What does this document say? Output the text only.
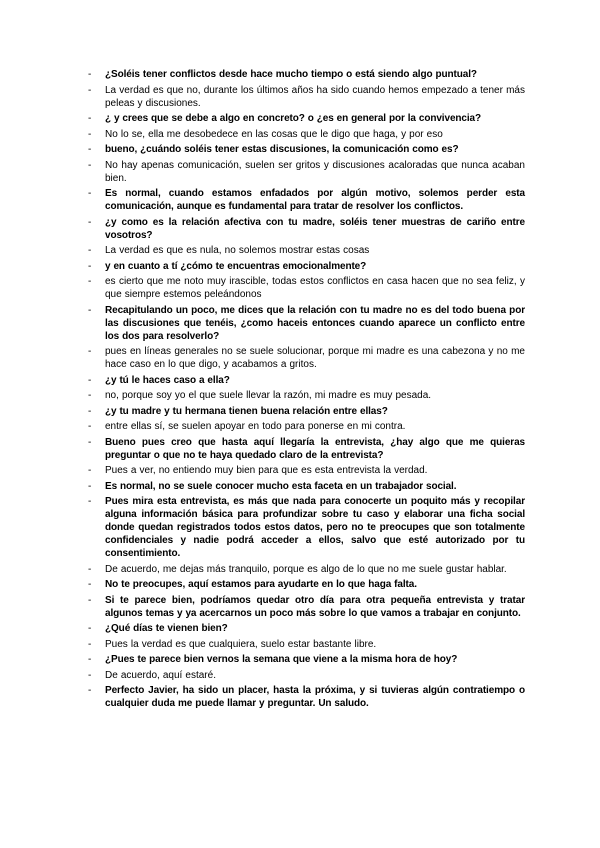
-	¿Soléis tener conflictos desde hace mucho tiempo o está siendo algo puntual?
-	La verdad es que no, durante los últimos años ha sido cuando hemos empezado a tener más peleas y discusiones.
-	¿ y crees que se debe a algo en concreto? o ¿es en general por la convivencia?
-	No lo se, ella me desobedece en las cosas que le digo que haga, y por eso
-	bueno, ¿cuándo soléis tener estas discusiones, la comunicación como es?
-	No hay apenas comunicación, suelen ser gritos y discusiones acaloradas que nunca acaban bien.
-	Es normal, cuando estamos enfadados por algún motivo, solemos perder esta comunicación, aunque es fundamental para tratar de resolver los conflictos.
-	¿y como es la relación afectiva con tu madre, soléis tener muestras de cariño entre vosotros?
-	La verdad es que es nula, no solemos mostrar estas cosas
-	y en cuanto a tí ¿cómo te encuentras emocionalmente?
-	es cierto que me noto muy irascible, todas estos conflictos en casa hacen que no sea feliz, y que siempre estemos peleándonos
-	Recapitulando un poco, me dices que la relación con tu madre no es del todo buena por las discusiones que tenéis, ¿como haceis entonces cuando aparece un conflicto entre los dos para resolverlo?
-	pues en líneas generales no se suele solucionar, porque mi madre es una cabezona y no me hace caso en lo que digo, y acabamos a gritos.
-	¿y tú le haces caso a ella?
-	no, porque soy yo el que suele llevar la razón, mi madre es muy pesada.
-	¿y tu madre y tu hermana tienen buena relación entre ellas?
-	entre ellas sí, se suelen apoyar en todo para ponerse en mi contra.
-	Bueno pues creo que hasta aquí llegaría la entrevista, ¿hay algo que me quieras preguntar o que no te haya quedado claro de la entrevista?
-	Pues a ver, no entiendo muy bien para que es esta entrevista la verdad.
-	Es normal, no se suele conocer mucho esta faceta en un trabajador social.
-	Pues mira esta entrevista, es más que nada para conocerte un poquito más y recopilar alguna información básica para profundizar sobre tu caso y elaborar una ficha social donde quedan registrados todos estos datos, pero no te preocupes que son totalmente confidenciales y nadie podrá acceder a ellos, salvo que esté autorizado por tu consentimiento.
-	De acuerdo, me dejas más tranquilo, porque es algo de lo que no me suele gustar hablar.
-	No te preocupes, aquí estamos para ayudarte en lo que haga falta.
-	Si te parece bien, podríamos quedar otro día para otra pequeña entrevista y tratar algunos temas y ya acercarnos un poco más sobre lo que vamos a trabajar en conjunto.
-	¿Qué días te vienen bien?
-	Pues la verdad es que cualquiera, suelo estar bastante libre.
-	¿Pues te parece bien vernos la semana que viene a la misma hora de hoy?
-	De acuerdo, aquí estaré.
-	Perfecto Javier, ha sido un placer, hasta la próxima, y si tuvieras algún contratiempo o cualquier duda me puede llamar y preguntar. Un saludo.
